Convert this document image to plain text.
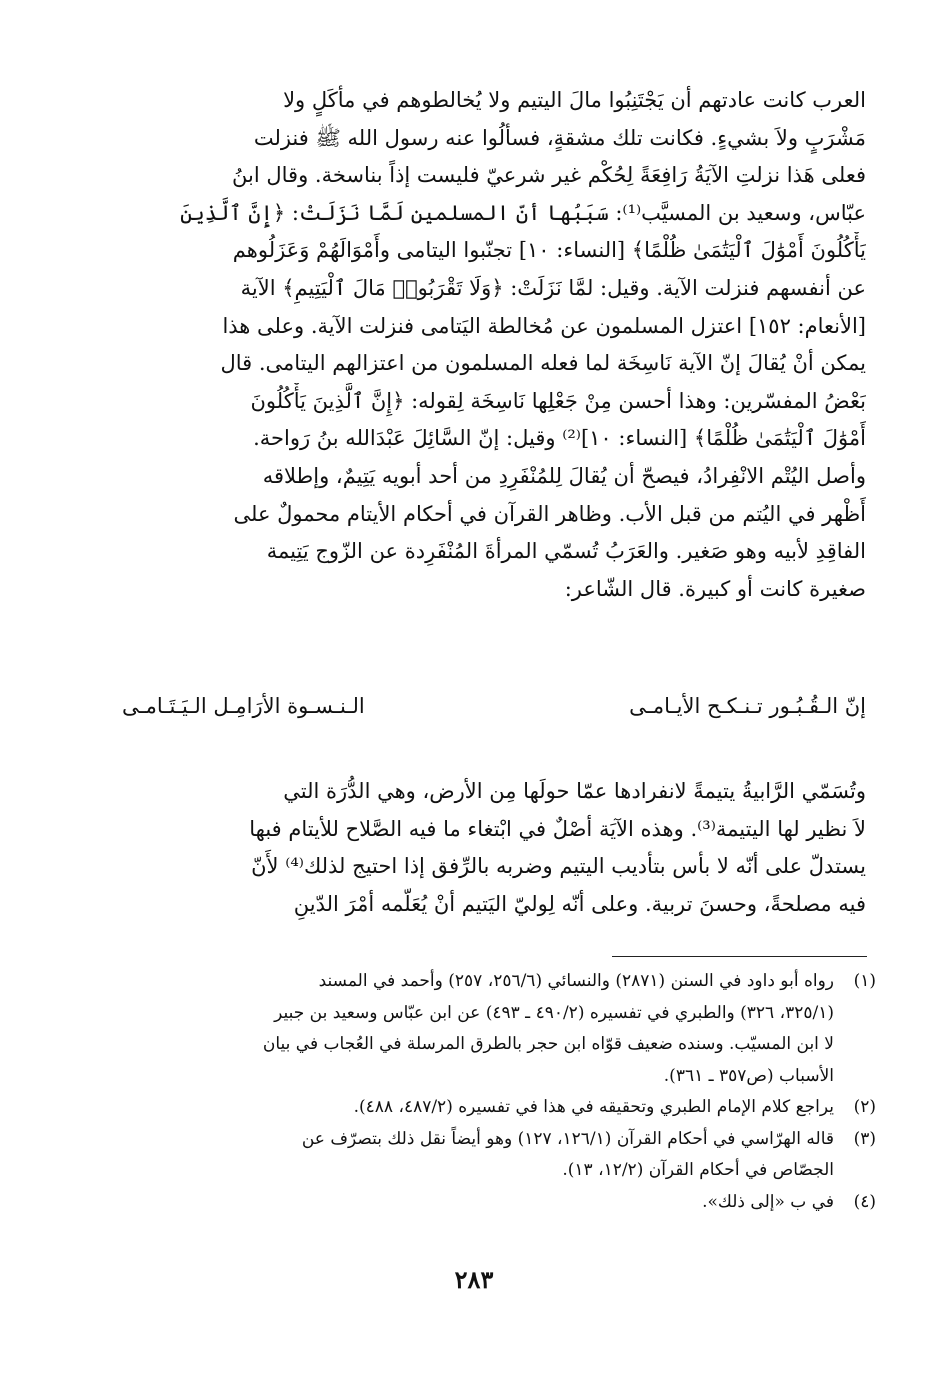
العرب كانت عادتهم أن يَجْتَنِبُوا مالَ اليتيم ولا يُخالطوهم في مأكَلٍ ولا
مَشْرَبٍ ولاَ بشيءٍ. فكانت تلك مشقةٍ، فسألُوا عنه رسول الله ﷺ فنزلت
فعلى هَذا نزلتِ الآيَةُ رَافِعَةً لِحُكْم غير شرعيّ فليست إذاً بناسخة. وقال ابنُ
عبّاس، وسعيد بن المسيَّب⁽¹⁾: سَبَبُها أنّ المسلمين لَمَّا نَزَلَتْ: ﴿إِنَّ ٱلَّذِينَ
يَأْكُلُونَ أَمْوَٰلَ ٱلْيَتَٰمَىٰ ظُلْمًا﴾ [النساء: ١٠] تجنّبوا اليتامى وأَمْوَالَهُمْ وَعَزَلُوهم
عن أنفسهم فنزلت الآية. وقيل: لمَّا نَزَلَتْ: ﴿وَلَا تَقْرَبُوا۟ مَالَ ٱلْيَتِيمِ﴾ الآية
[الأنعام: ١٥٢] اعتزل المسلمون عن مُخالطة اليَتامى فنزلت الآية. وعلى هذا
يمكن أنْ يُقالَ إنّ الآية نَاسِخَة لما فعله المسلمون من اعتزالهم اليتامى. قال
بَعْضُ المفسّرين: وهذا أحسن مِنْ جَعْلِها نَاسِخَة لِقوله: ﴿إِنَّ ٱلَّذِينَ يَأْكُلُونَ
أَمْوَٰلَ ٱلْيَتَٰمَىٰ ظُلْمًا﴾ [النساء: ١٠]⁽²⁾ وقيل: إنّ السَّائِلَ عَبْدَالله بنُ رَواحة.
وأصل اليُتْم الانْفِرادُ، فيصحّ أن يُقالَ لِلمُنْفَرِدِ من أحد أبويه يَتِيمٌ، وإطلاقه
أَظْهر في اليُتم من قبل الأب. وظاهر القرآن في أحكام الأيتام محمولٌ على
الفاقِدِ لأبيه وهو صَغير. والعَرَبُ تُسمّي المرأةَ المُنْفَرِدة عن الزّوج يَتِيمة
صغيرة كانت أو كبيرة. قال الشّاعر:

إنّ الـقُـبُـور تـنـكـح الأيـامـى
الـنـسـوة الأرَامِـل الـيَـتَـامـى

وتُسَمّي الرَّابيةُ يتيمةً لانفرادها عمّا حولَها مِن الأرض، وهي الدُّرَة التي
لاَ نظير لها اليتيمة⁽³⁾. وهذه الآيَة أصْلٌ في ابْتغاء ما فيه الصَّلاح للأيتام فبها
يستدلّ على أنّه لا بأس بتأديب اليتيم وضربه بالرِّفق إذا احتيج لذلك⁽⁴⁾ لأَنّ
فيه مصلحةً، وحسنَ تربية. وعلى أنّه لِوليّ اليَتيم أنْ يُعَلّمه أمْرَ الدّينِ

(١)
رواه أبو داود في السنن (٢٨٧١) والنسائي (٢٥٦/٦، ٢٥٧) وأحمد في المسند
(٣٢٥/١، ٣٢٦) والطبري في تفسيره (٤٩٠/٢ ـ ٤٩٣) عن ابن عبّاس وسعيد بن جبير
لا ابن المسيّب. وسنده ضعيف قوّاه ابن حجر بالطرق المرسلة في العُجاب في بيان
الأسباب (ص٣٥٧ ـ ٣٦١).
(٢)
يراجع كلام الإمام الطبري وتحقيقه في هذا في تفسيره (٤٨٧/٢، ٤٨٨).
(٣)
قاله الهرّاسي في أحكام القرآن (١٢٦/١، ١٢٧) وهو أيضاً نقل ذلك بتصرّف عن
الجصّاص في أحكام القرآن (١٢/٢، ١٣).
(٤)
في ب «إلى ذلك».
٢٨٣
